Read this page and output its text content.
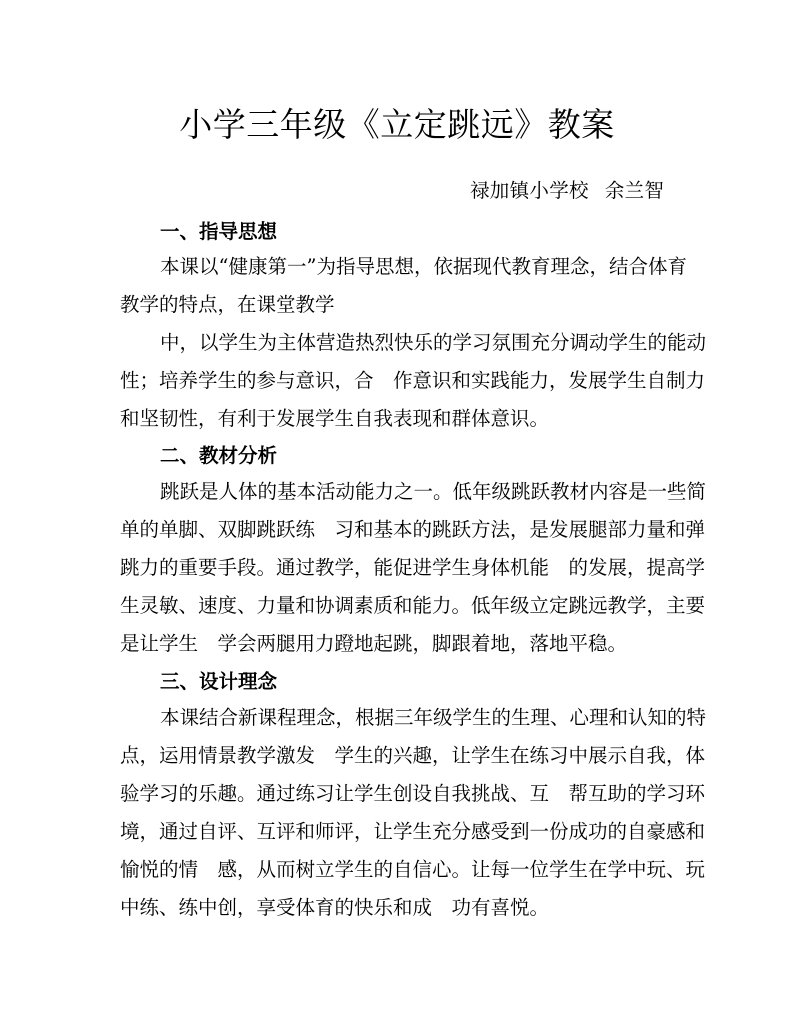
小学三年级《立定跳远》教案
禄加镇小学校 余兰智
一、指导思想
本课以“健康第一”为指导思想，依据现代教育理念，结合体育
教学的特点，在课堂教学
中，以学生为主体营造热烈快乐的学习氛围充分调动学生的能动
性；培养学生的参与意识，合　作意识和实践能力，发展学生自制力
和坚韧性，有利于发展学生自我表现和群体意识。
二、教材分析
跳跃是人体的基本活动能力之一。低年级跳跃教材内容是一些简
单的单脚、双脚跳跃练　习和基本的跳跃方法，是发展腿部力量和弹
跳力的重要手段。通过教学，能促进学生身体机能　的发展，提高学
生灵敏、速度、力量和协调素质和能力。低年级立定跳远教学，主要
是让学生　学会两腿用力蹬地起跳，脚跟着地，落地平稳。
三、设计理念
本课结合新课程理念，根据三年级学生的生理、心理和认知的特
点，运用情景教学激发　学生的兴趣，让学生在练习中展示自我，体
验学习的乐趣。通过练习让学生创设自我挑战、互　帮互助的学习环
境，通过自评、互评和师评，让学生充分感受到一份成功的自豪感和
愉悦的情　感，从而树立学生的自信心。让每一位学生在学中玩、玩
中练、练中创，享受体育的快乐和成　功有喜悦。
